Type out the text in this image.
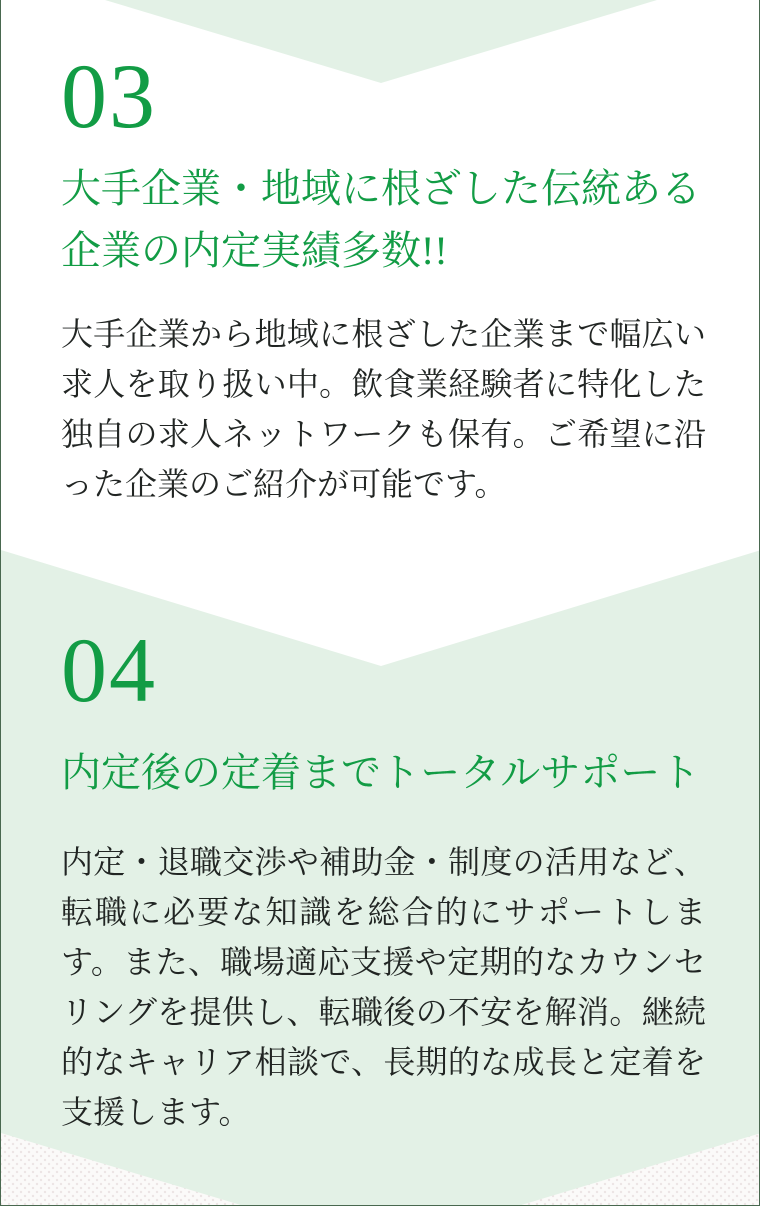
03
大手企業・地域に根ざした伝統ある企業の内定実績多数!!

大手企業から地域に根ざした企業まで幅広い求人を取り扱い中。飲食業経験者に特化した独自の求人ネットワークも保有。ご希望に沿った企業のご紹介が可能です。

04
内定後の定着までトータルサポート

内定・退職交渉や補助金・制度の活用など、転職に必要な知識を総合的にサポートします。また、職場適応支援や定期的なカウンセリングを提供し、転職後の不安を解消。継続的なキャリア相談で、長期的な成長と定着を支援します。
